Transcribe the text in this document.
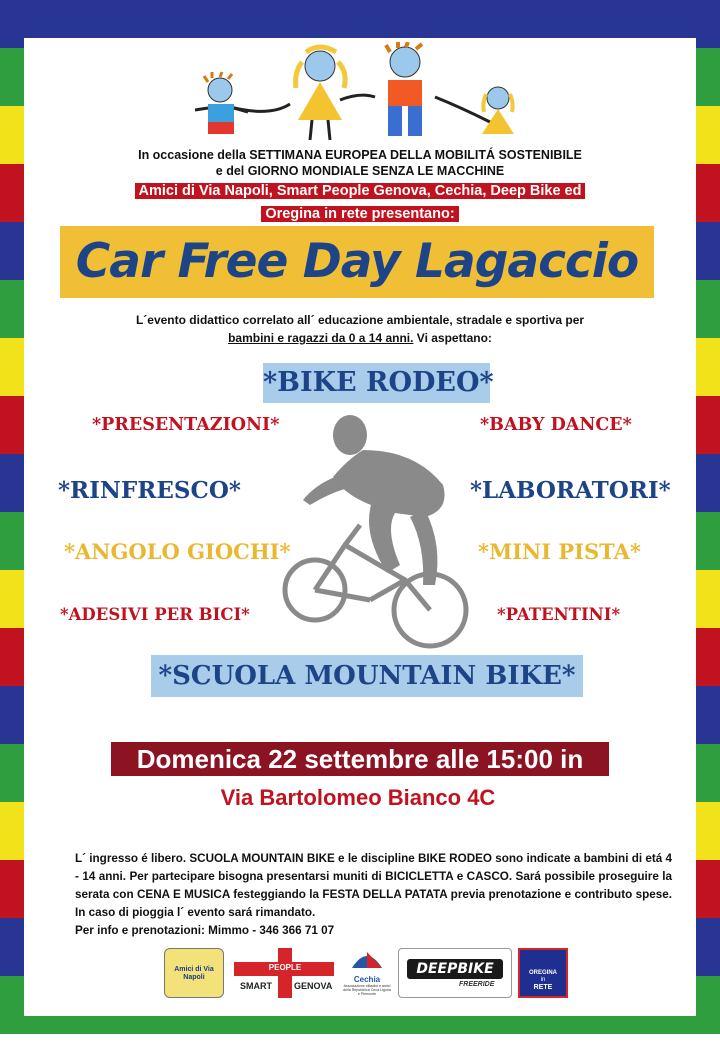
In occasione della SETTIMANA EUROPEA DELLA MOBILITÁ SOSTENIBILE
e del GIORNO MONDIALE SENZA LE MACCHINE
Amici di Via Napoli, Smart People Genova, Cechia, Deep Bike ed
Oregina in rete presentano:
Car Free Day Lagaccio
L´evento didattico correlato all´ educazione ambientale, stradale e sportiva per
bambini e ragazzi da 0 a 14 anni. Vi aspettano:
*BIKE RODEO*
*PRESENTAZIONI*	*BABY DANCE*
*RINFRESCO*	*LABORATORI*
*ANGOLO GIOCHI*	*MINI PISTA*
*ADESIVI PER BICI*	*PATENTINI*
*SCUOLA MOUNTAIN BIKE*
Domenica 22 settembre alle 15:00 in
Via Bartolomeo Bianco 4C
L´ ingresso é libero. SCUOLA MOUNTAIN BIKE e le discipline BIKE RODEO sono indicate a bambini di etá 4 - 14 anni. Per partecipare bisogna presentarsi muniti di BICICLETTA e CASCO. Sará possibile proseguire la serata con CENA E MUSICA festeggiando la FESTA DELLA PATATA previa prenotazione e contributo spese. In caso di pioggia l´ evento sará rimandato.
Per info e prenotazioni: Mimmo - 346 366 71 07
Amici di Via Napoli
PEOPLE
SMART GENOVA
Cechia
Associazione cittadini e amici della Repubblica Ceca Liguria e Piemonte
DEEPBIKE
FREERIDE
OREGINA
in
RETE
